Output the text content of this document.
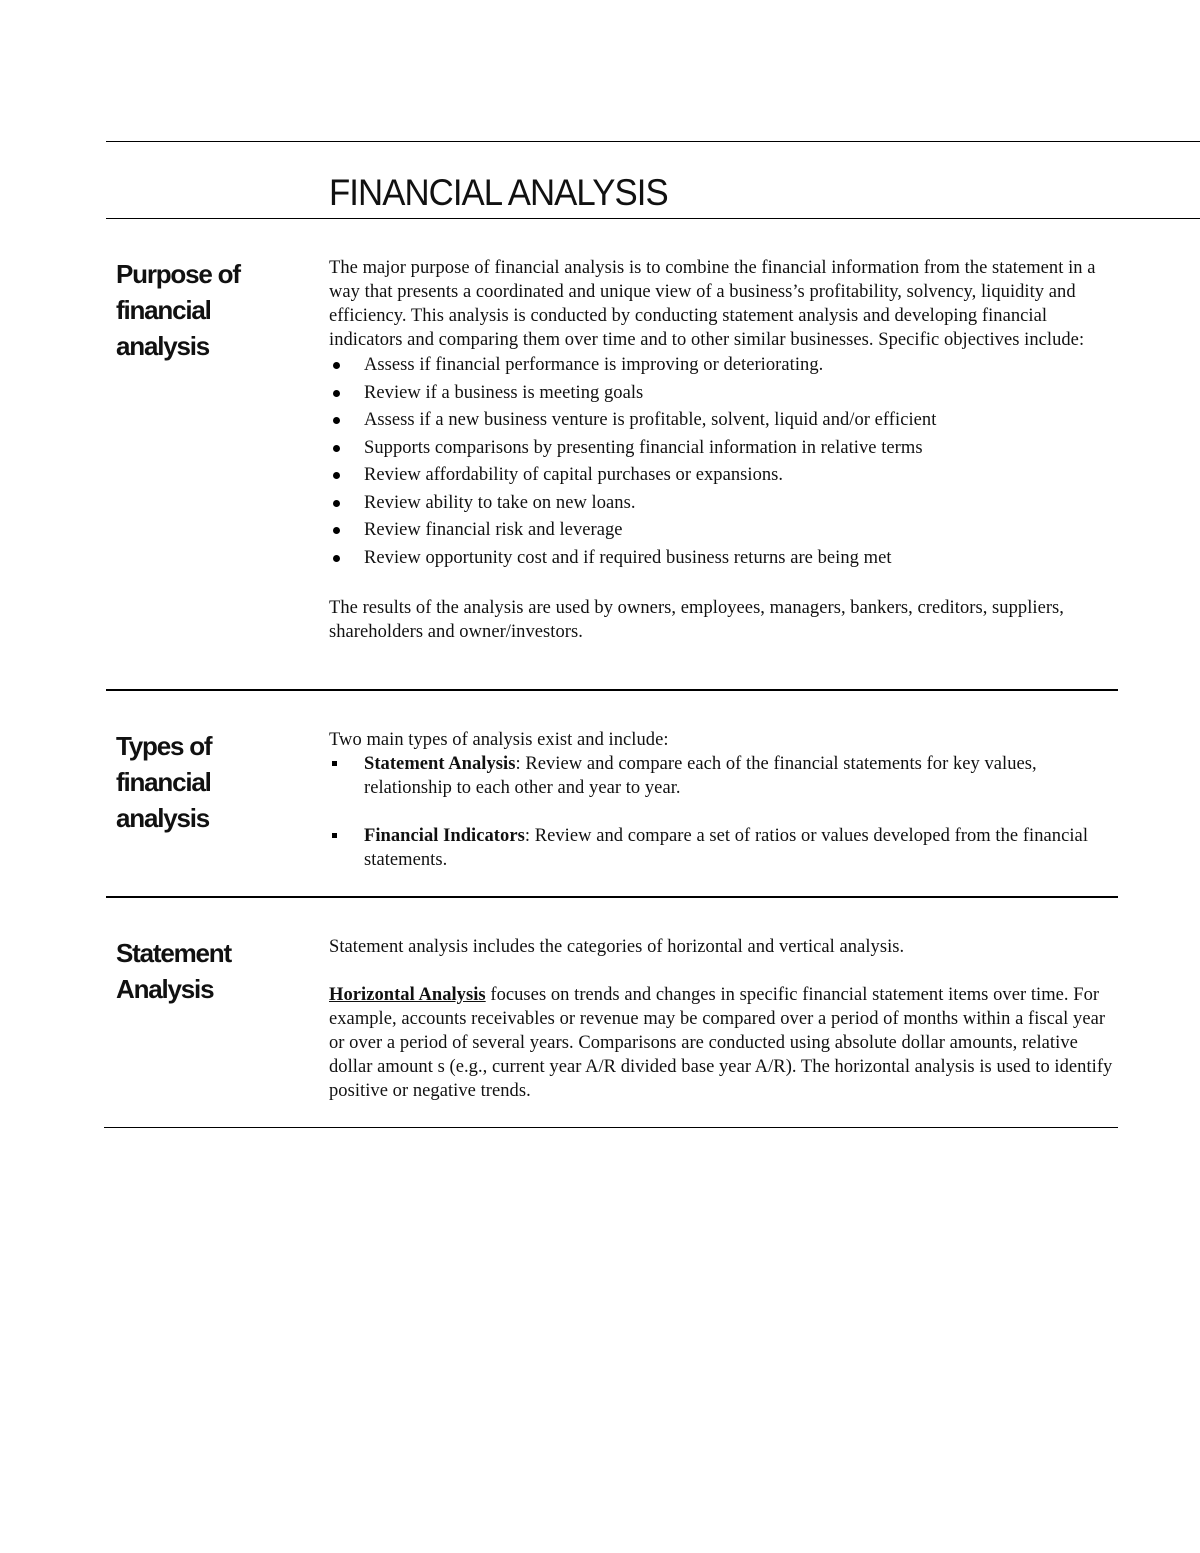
FINANCIAL ANALYSIS
Purpose of financial analysis

The major purpose of financial analysis is to combine the financial information from the statement in a way that presents a coordinated and unique view of a business’s profitability, solvency, liquidity and efficiency. This analysis is conducted by conducting statement analysis and developing financial indicators and comparing them over time and to other similar businesses. Specific objectives include:

Assess if financial performance is improving or deteriorating.
Review if a business is meeting goals
Assess if a new business venture is profitable, solvent, liquid and/or efficient
Supports comparisons by presenting financial information in relative terms
Review affordability of capital purchases or expansions.
Review ability to take on new loans.
Review financial risk and leverage
Review opportunity cost and if required business returns are being met

The results of the analysis are used by owners, employees, managers, bankers, creditors, suppliers, shareholders and owner/investors.

Types of financial analysis

Two main types of analysis exist and include:

Statement Analysis: Review and compare each of the financial statements for key values, relationship to each other and year to year.
Financial Indicators: Review and compare a set of ratios or values developed from the financial statements.
Statement Analysis

Statement analysis includes the categories of horizontal and vertical analysis.

Horizontal Analysis focuses on trends and changes in specific financial statement items over time. For example, accounts receivables or revenue may be compared over a period of months within a fiscal year or over a period of several years. Comparisons are conducted using absolute dollar amounts, relative dollar amount s (e.g., current year A/R divided base year A/R). The horizontal analysis is used to identify positive or negative trends.
